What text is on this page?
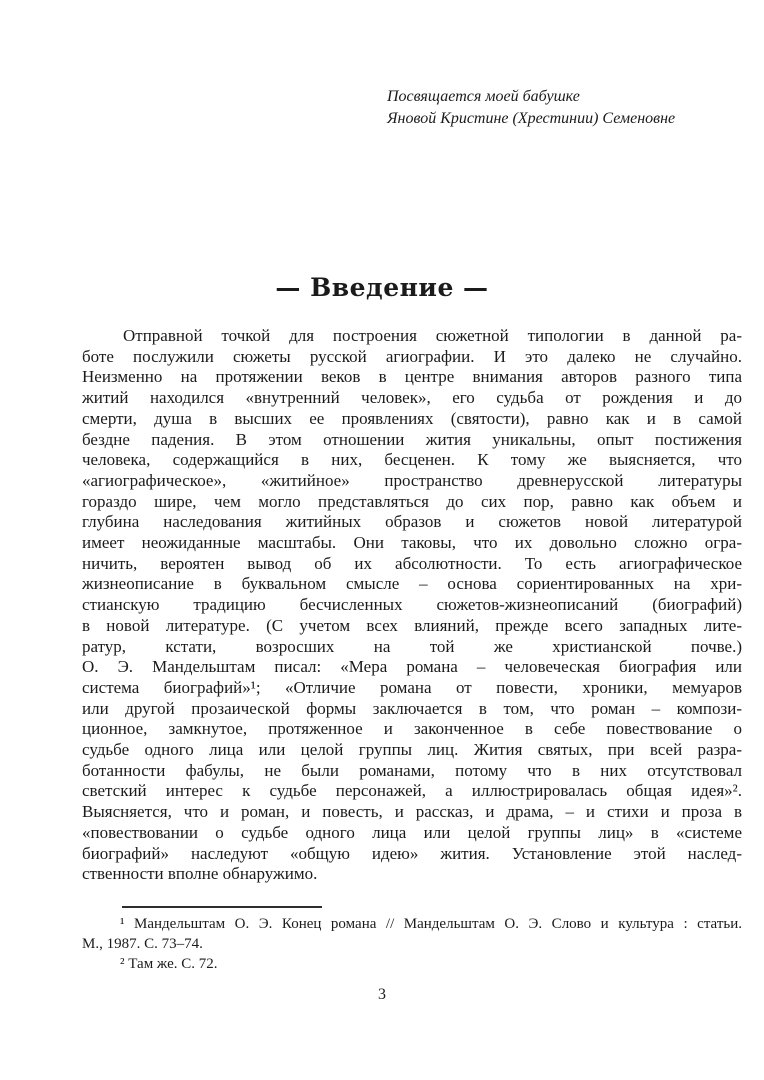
Посвящается моей бабушке
Яновой Кристине (Хрестинии) Семеновне
— Введение —
Отправной точкой для построения сюжетной типологии в данной ра-
боте послужили сюжеты русской агиографии. И это далеко не случайно.
Неизменно на протяжении веков в центре внимания авторов разного типа
житий находился «внутренний человек», его судьба от рождения и до
смерти, душа в высших ее проявлениях (святости), равно как и в самой
бездне падения. В этом отношении жития уникальны, опыт постижения
человека, содержащийся в них, бесценен. К тому же выясняется, что
«агиографическое», «житийное» пространство древнерусской литературы
гораздо шире, чем могло представляться до сих пор, равно как объем и
глубина наследования житийных образов и сюжетов новой литературой
имеет неожиданные масштабы. Они таковы, что их довольно сложно огра-
ничить, вероятен вывод об их абсолютности. То есть агиографическое
жизнеописание в буквальном смысле – основа сориентированных на хри-
стианскую традицию бесчисленных сюжетов-жизнеописаний (биографий)
в новой литературе. (С учетом всех влияний, прежде всего западных лите-
ратур, кстати, возросших на той же христианской почве.)
О. Э. Мандельштам писал: «Мера романа – человеческая биография или
система биографий»¹; «Отличие романа от повести, хроники, мемуаров
или другой прозаической формы заключается в том, что роман – компози-
ционное, замкнутое, протяженное и законченное в себе повествование о
судьбе одного лица или целой группы лиц. Жития святых, при всей разра-
ботанности фабулы, не были романами, потому что в них отсутствовал
светский интерес к судьбе персонажей, а иллюстрировалась общая идея»².
Выясняется, что и роман, и повесть, и рассказ, и драма, – и стихи и проза в
«повествовании о судьбе одного лица или целой группы лиц» в «системе
биографий» наследуют «общую идею» жития. Установление этой наслед-
ственности вполне обнаружимо.
¹ Мандельштам О. Э. Конец романа // Мандельштам О. Э. Слово и культура : статьи.
М., 1987. С. 73–74.
² Там же. С. 72.
3
